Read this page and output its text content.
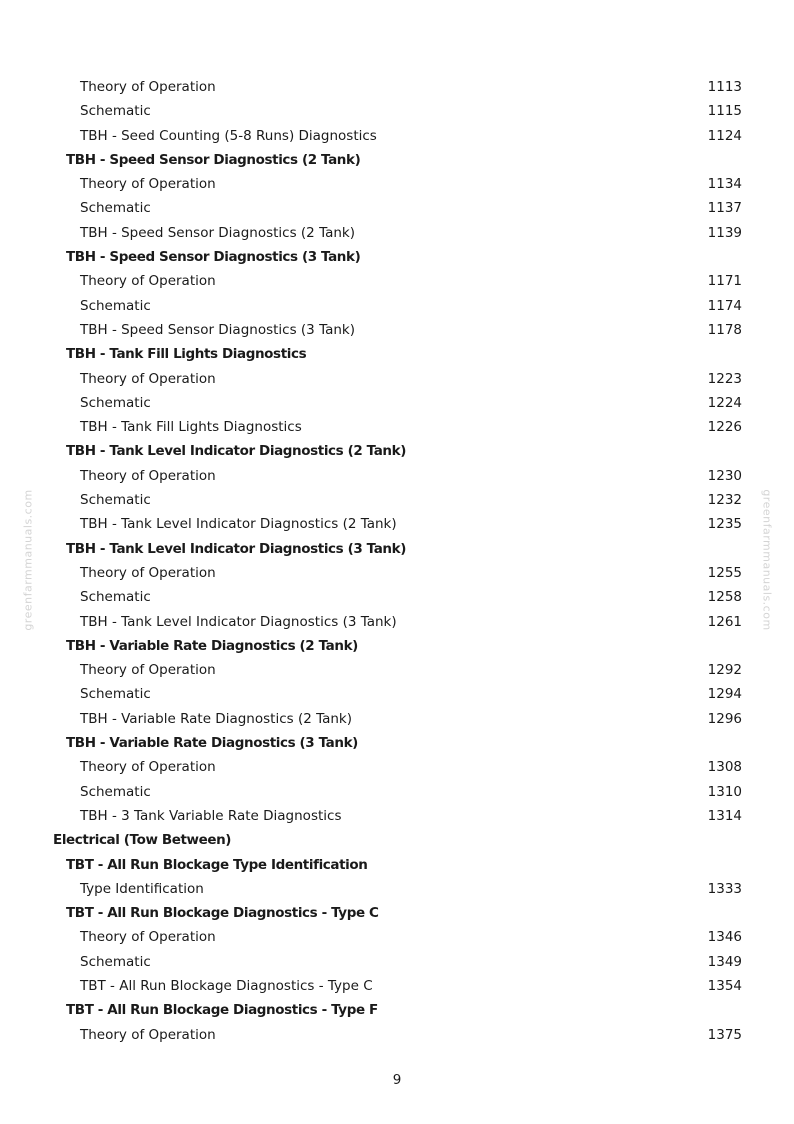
greenfarmmanuals.com	greenfarmmanuals.com
Theory of Operation	1113
Schematic	1115
TBH - Seed Counting (5-8 Runs) Diagnostics	1124
TBH - Speed Sensor Diagnostics (2 Tank)
Theory of Operation	1134
Schematic	1137
TBH - Speed Sensor Diagnostics (2 Tank)	1139
TBH - Speed Sensor Diagnostics (3 Tank)
Theory of Operation	1171
Schematic	1174
TBH - Speed Sensor Diagnostics (3 Tank)	1178
TBH - Tank Fill Lights Diagnostics
Theory of Operation	1223
Schematic	1224
TBH - Tank Fill Lights Diagnostics	1226
TBH - Tank Level Indicator Diagnostics (2 Tank)
Theory of Operation	1230
Schematic	1232
TBH - Tank Level Indicator Diagnostics (2 Tank)	1235
TBH - Tank Level Indicator Diagnostics (3 Tank)
Theory of Operation	1255
Schematic	1258
TBH - Tank Level Indicator Diagnostics (3 Tank)	1261
TBH - Variable Rate Diagnostics (2 Tank)
Theory of Operation	1292
Schematic	1294
TBH - Variable Rate Diagnostics (2 Tank)	1296
TBH - Variable Rate Diagnostics (3 Tank)
Theory of Operation	1308
Schematic	1310
TBH - 3 Tank Variable Rate Diagnostics	1314
Electrical (Tow Between)
TBT - All Run Blockage Type Identification
Type Identification	1333
TBT - All Run Blockage Diagnostics - Type C
Theory of Operation	1346
Schematic	1349
TBT - All Run Blockage Diagnostics - Type C	1354
TBT - All Run Blockage Diagnostics - Type F
Theory of Operation	1375
9
